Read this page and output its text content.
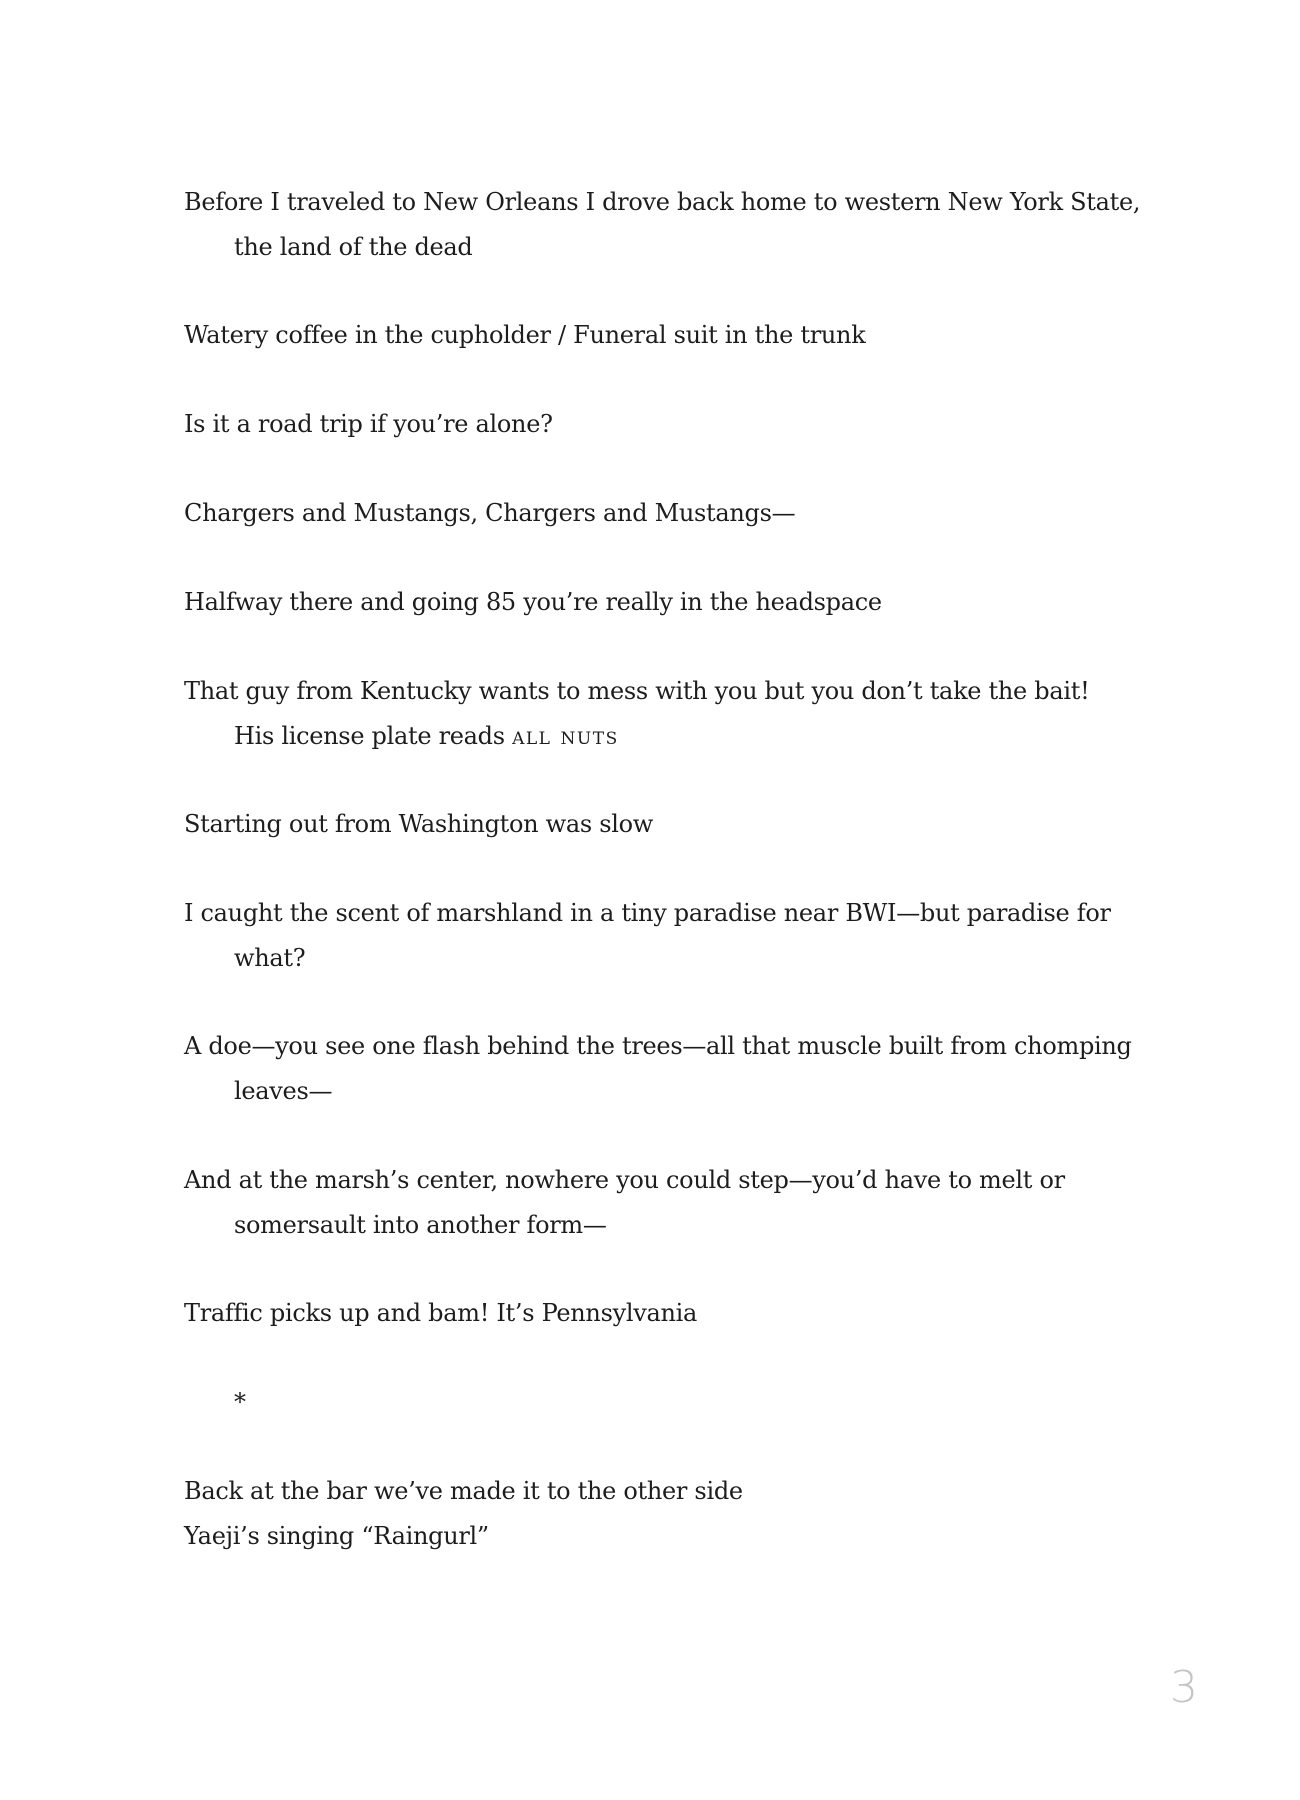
Before I traveled to New Orleans I drove back home to western New York State,

the land of the dead

Watery coffee in the cupholder / Funeral suit in the trunk

Is it a road trip if you’re alone?

Chargers and Mustangs, Chargers and Mustangs—

Halfway there and going 85 you’re really in the headspace

That guy from Kentucky wants to mess with you but you don’t take the bait!

His license plate reads all nuts

Starting out from Washington was slow

I caught the scent of marshland in a tiny paradise near BWI—but paradise for

what?

A doe—you see one flash behind the trees—all that muscle built from chomping

leaves—

And at the marsh’s center, nowhere you could step—you’d have to melt or

somersault into another form—

Traffic picks up and bam! It’s Pennsylvania

*

Back at the bar we’ve made it to the other side

Yaeji’s singing “Raingurl”

3
